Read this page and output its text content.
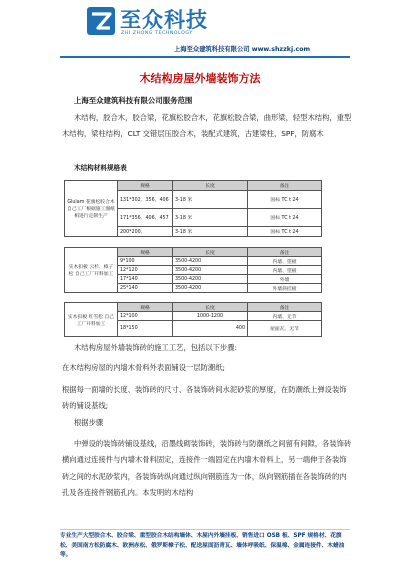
至众科技
ZHI ZHONG TECHNOLOGY
上海至众建筑科技有限公司 www.shzzkj.com
木结构房屋外墙装饰方法
上海至众建筑科技有限公司服务范围
木结构，胶合木，胶合梁，花旗松胶合木，花旗松胶合梁，曲形梁，轻型木结构，重型木结构，梁柱结构，CLT 交错层压胶合木，装配式建筑，古建梁柱，SPF，防腐木
木结构材料规格表
Glulam 花旗松胶合木 自己工厂根据施工图纸相进行定制生产	规格	长度	备注
	131*302、356、406	3-18 米	国标 TC t 24
	171*356、406、457	3-18 米	国标 TC t 24
	200*200、	3-18 米	国标 TC t 24
实木扣板 云杉、樟子松 自己工厂开料加工	规格	长度	备注
	9*100	3500-4200	内墙、望板
	12*120	3500-4200	内墙、望板
	17*140	3500-4200	外墙
	25*140	3500-4200	外墙斜挂板
实木扣板 红雪松 自己工厂开料加工	规格	长度	备注
	12*100	1000-1200	内墙、无节
	18*150	400	屋面瓦、无节
木结构房屋外墙装饰砖的施工工艺，包括以下步骤:
在木结构房屋的内墙木骨料外表面铺设一层防潮纸;
根据每一面墙的长度、装饰砖的尺寸、各装饰砖间水泥砂浆的厚度，在防潮纸上弹设装饰砖的铺设基线;
根据步骤
中弹设的装饰砖铺设基线，沿墨线砌装饰砖，装饰砖与防潮纸之间留有间隙，各装饰砖横向通过连接件与内墙木骨料固定，连接件一端固定在内墙木骨料上，另一端伸于各装饰砖之间的水泥砂浆内，各装饰砖纵向通过纵向钢筋连为一体，纵向钢筋插在各装饰砖的内孔及各连接件钢筋孔内。本发明的木结构
专业生产大型胶合木、胶合梁、重型胶合木结构墙体、木屋内外墙挂板、销售进口 OSB 板、SPF 规格材、花旗松、美国南方松防腐木、欧洲赤松、俄罗斯樟子松、配送屋面沥青瓦、墙体呼吸纸、保温棉、金属连接件、木蜡油等。
